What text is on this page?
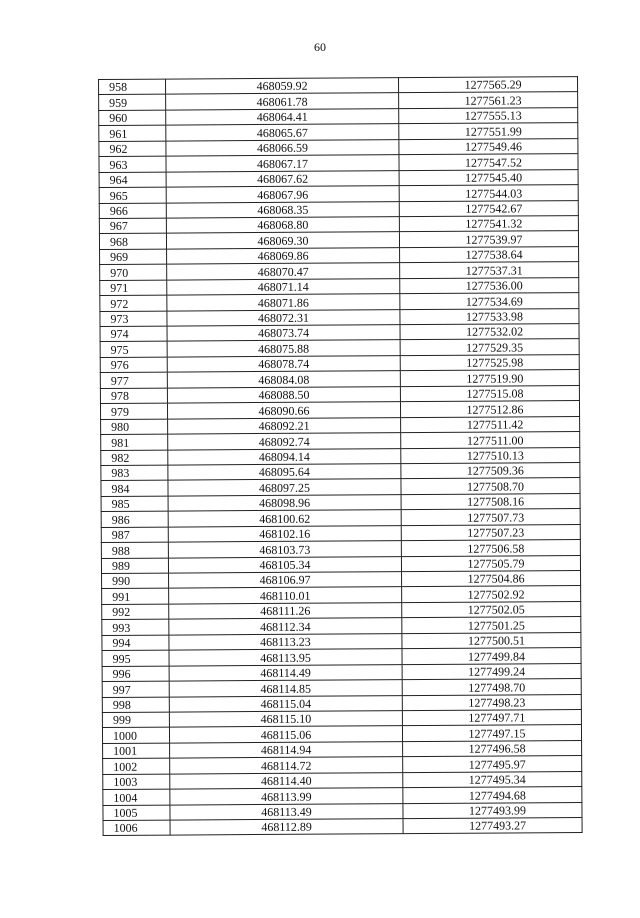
60
958	468059.92	1277565.29
959	468061.78	1277561.23
960	468064.41	1277555.13
961	468065.67	1277551.99
962	468066.59	1277549.46
963	468067.17	1277547.52
964	468067.62	1277545.40
965	468067.96	1277544.03
966	468068.35	1277542.67
967	468068.80	1277541.32
968	468069.30	1277539.97
969	468069.86	1277538.64
970	468070.47	1277537.31
971	468071.14	1277536.00
972	468071.86	1277534.69
973	468072.31	1277533.98
974	468073.74	1277532.02
975	468075.88	1277529.35
976	468078.74	1277525.98
977	468084.08	1277519.90
978	468088.50	1277515.08
979	468090.66	1277512.86
980	468092.21	1277511.42
981	468092.74	1277511.00
982	468094.14	1277510.13
983	468095.64	1277509.36
984	468097.25	1277508.70
985	468098.96	1277508.16
986	468100.62	1277507.73
987	468102.16	1277507.23
988	468103.73	1277506.58
989	468105.34	1277505.79
990	468106.97	1277504.86
991	468110.01	1277502.92
992	468111.26	1277502.05
993	468112.34	1277501.25
994	468113.23	1277500.51
995	468113.95	1277499.84
996	468114.49	1277499.24
997	468114.85	1277498.70
998	468115.04	1277498.23
999	468115.10	1277497.71
1000	468115.06	1277497.15
1001	468114.94	1277496.58
1002	468114.72	1277495.97
1003	468114.40	1277495.34
1004	468113.99	1277494.68
1005	468113.49	1277493.99
1006	468112.89	1277493.27
